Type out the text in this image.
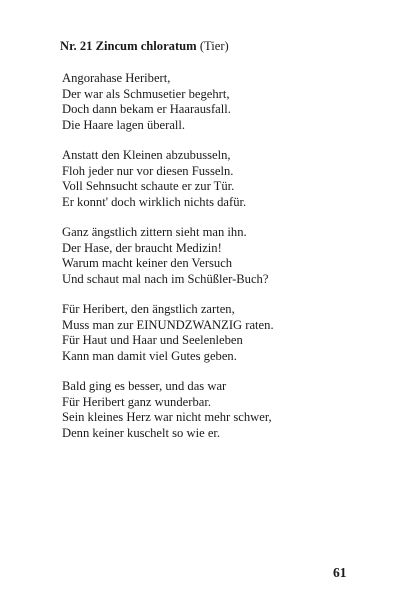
Nr. 21 Zincum chloratum (Tier)
Angorahase Heribert,
Der war als Schmusetier begehrt,
Doch dann bekam er Haarausfall.
Die Haare lagen überall.
Anstatt den Kleinen abzubusseln,
Floh jeder nur vor diesen Fusseln.
Voll Sehnsucht schaute er zur Tür.
Er konnt' doch wirklich nichts dafür.
Ganz ängstlich zittern sieht man ihn.
Der Hase, der braucht Medizin!
Warum macht keiner den Versuch
Und schaut mal nach im Schüßler-Buch?
Für Heribert, den ängstlich zarten,
Muss man zur EINUNDZWANZIG raten.
Für Haut und Haar und Seelenleben
Kann man damit viel Gutes geben.
Bald ging es besser, und das war
Für Heribert ganz wunderbar.
Sein kleines Herz war nicht mehr schwer,
Denn keiner kuschelt so wie er.
61
